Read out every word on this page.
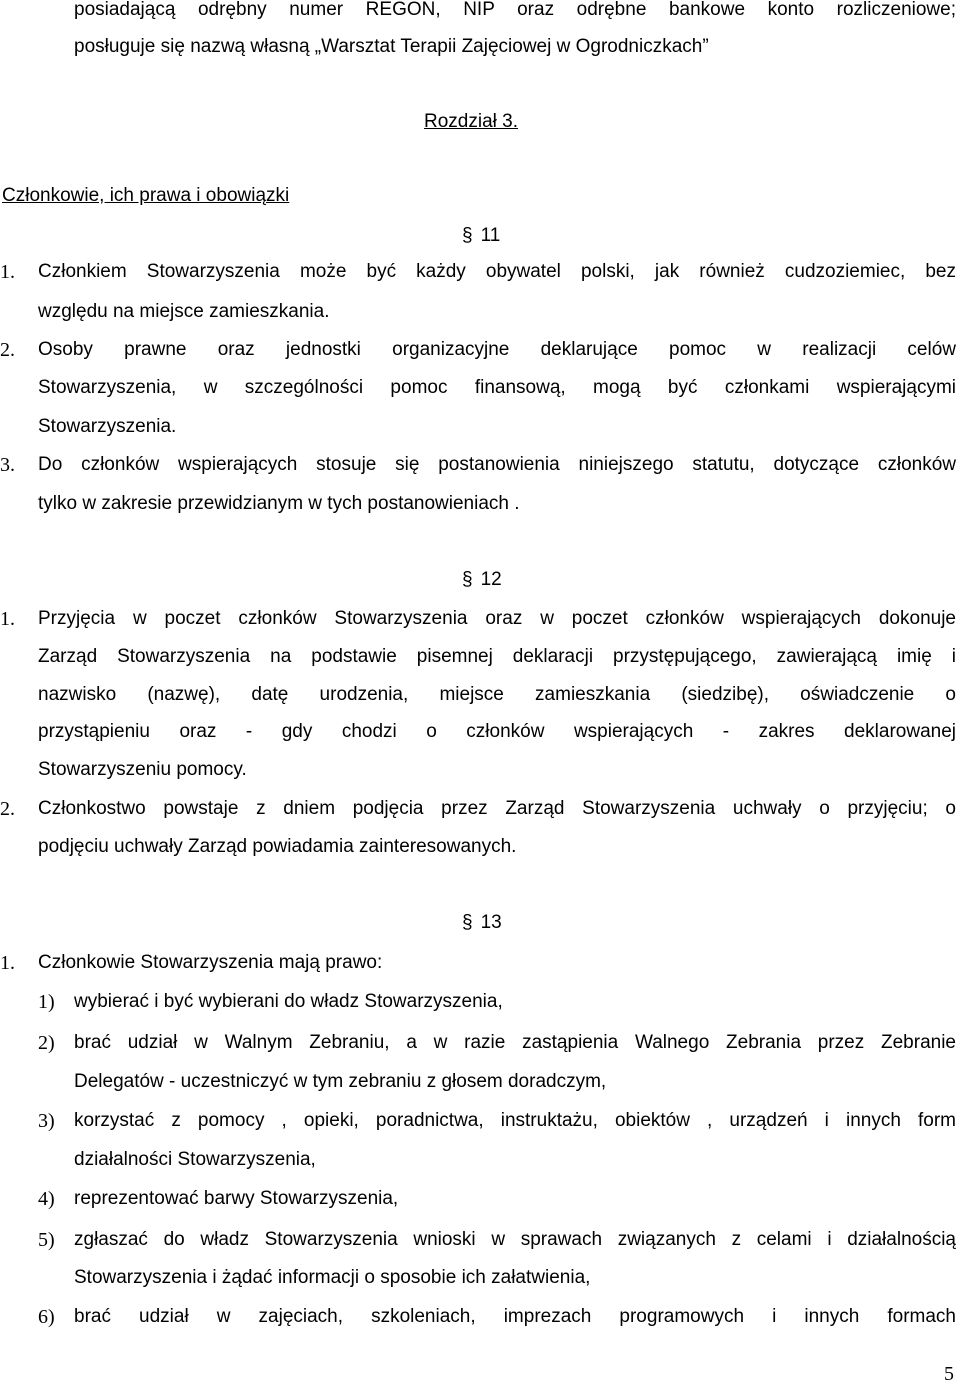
posiadającą odrębny numer REGON, NIP oraz odrębne bankowe konto rozliczeniowe;

posługuje się nazwą własną „Warsztat Terapii Zajęciowej w Ogrodniczkach”

Rozdział 3.

Członkowie, ich prawa i obowiązki

§ 11
1. Członkiem Stowarzyszenia może być każdy obywatel polski, jak również cudzoziemiec, bez

względu na miejsce zamieszkania.

2. Osoby prawne oraz jednostki organizacyjne deklarujące pomoc w realizacji celów

Stowarzyszenia, w szczególności pomoc finansową, mogą być członkami wspierającymi

Stowarzyszenia.

3. Do członków wspierających stosuje się postanowienia niniejszego statutu, dotyczące członków

tylko w zakresie przewidzianym w tych postanowieniach .

§ 12
1. Przyjęcia w poczet członków Stowarzyszenia oraz w poczet członków wspierających dokonuje

Zarząd Stowarzyszenia na podstawie pisemnej deklaracji przystępującego, zawierającą imię i

nazwisko (nazwę), datę urodzenia, miejsce zamieszkania (siedzibę), oświadczenie o

przystąpieniu oraz - gdy chodzi o członków wspierających - zakres deklarowanej

Stowarzyszeniu pomocy.

2. Członkostwo powstaje z dniem podjęcia przez Zarząd Stowarzyszenia uchwały o przyjęciu; o

podjęciu uchwały Zarząd powiadamia zainteresowanych.

§ 13
1. Członkowie Stowarzyszenia mają prawo:

1) wybierać i być wybierani do władz Stowarzyszenia,

2) brać udział w Walnym Zebraniu, a w razie zastąpienia Walnego Zebrania przez Zebranie

Delegatów - uczestniczyć w tym zebraniu z głosem doradczym,

3) korzystać z pomocy , opieki, poradnictwa, instruktażu, obiektów , urządzeń i innych form

działalności Stowarzyszenia,

4) reprezentować barwy Stowarzyszenia,

5) zgłaszać do władz Stowarzyszenia wnioski w sprawach związanych z celami i działalnością

Stowarzyszenia i żądać informacji o sposobie ich załatwienia,

6) brać udział w zajęciach, szkoleniach, imprezach programowych i innych formach

5
